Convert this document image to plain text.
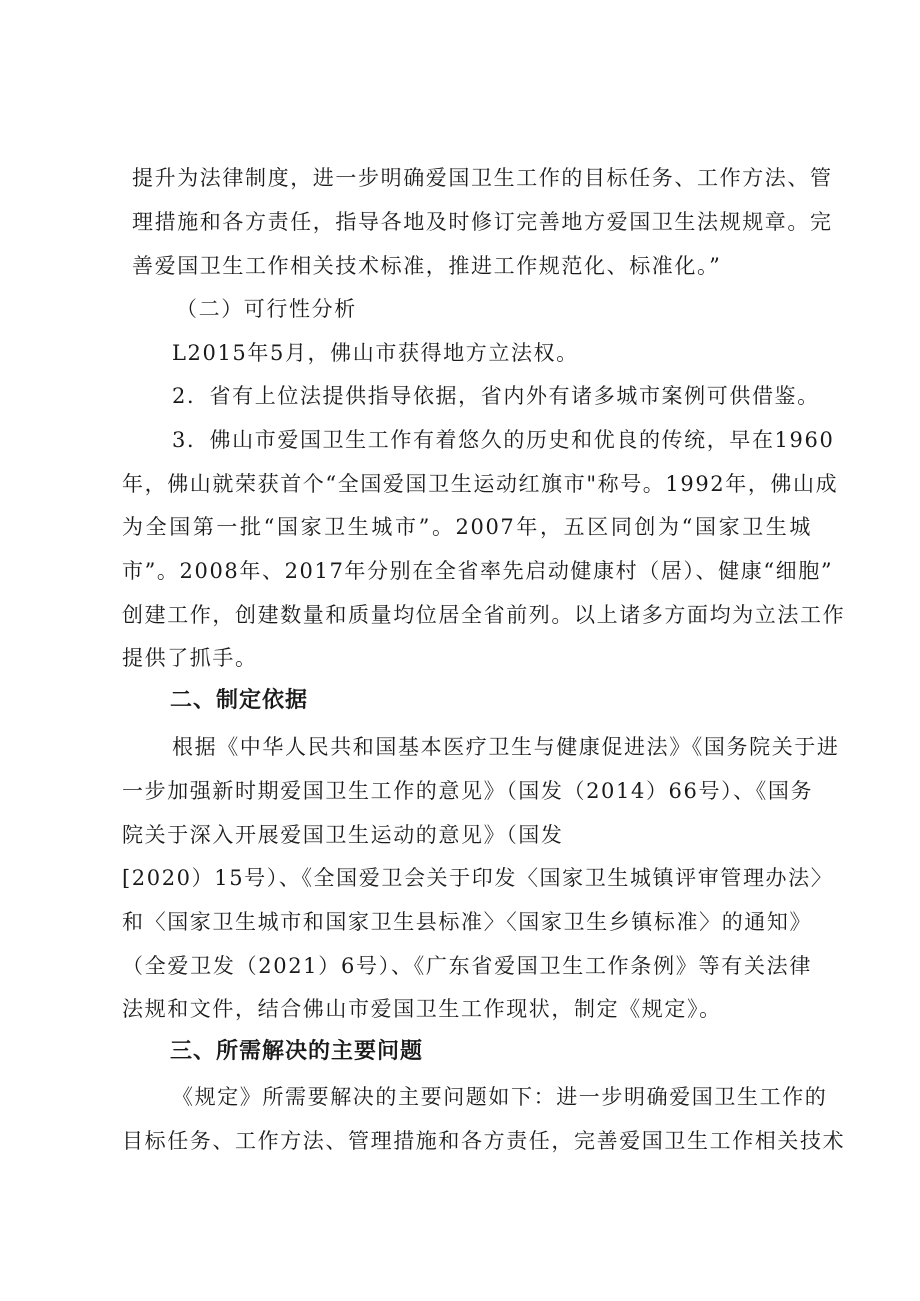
提升为法律制度，进一步明确爱国卫生工作的目标任务、工作方法、管
理措施和各方责任，指导各地及时修订完善地方爱国卫生法规规章。完
善爱国卫生工作相关技术标准，推进工作规范化、标准化。”
（二）可行性分析
L2015年5月，佛山市获得地方立法权。
2．省有上位法提供指导依据，省内外有诸多城市案例可供借鉴。
3．佛山市爱国卫生工作有着悠久的历史和优良的传统，早在1960
年，佛山就荣获首个“全国爱国卫生运动红旗市"称号。1992年，佛山成
为全国第一批“国家卫生城市”。2007年，五区同创为“国家卫生城
市”。2008年、2017年分别在全省率先启动健康村（居）、健康“细胞”
创建工作，创建数量和质量均位居全省前列。以上诸多方面均为立法工作
提供了抓手。
二、制定依据
根据《中华人民共和国基本医疗卫生与健康促进法》《国务院关于进
一步加强新时期爱国卫生工作的意见》（国发（2014）66号）、《国务
院关于深入开展爱国卫生运动的意见》（国发
[2020）15号）、《全国爱卫会关于印发〈国家卫生城镇评审管理办法〉
和〈国家卫生城市和国家卫生县标准〉〈国家卫生乡镇标准〉的通知》
（全爱卫发（2021）6号）、《广东省爱国卫生工作条例》等有关法律
法规和文件，结合佛山市爱国卫生工作现状，制定《规定》。
三、所需解决的主要问题
《规定》所需要解决的主要问题如下：进一步明确爱国卫生工作的
目标任务、工作方法、管理措施和各方责任，完善爱国卫生工作相关技术
